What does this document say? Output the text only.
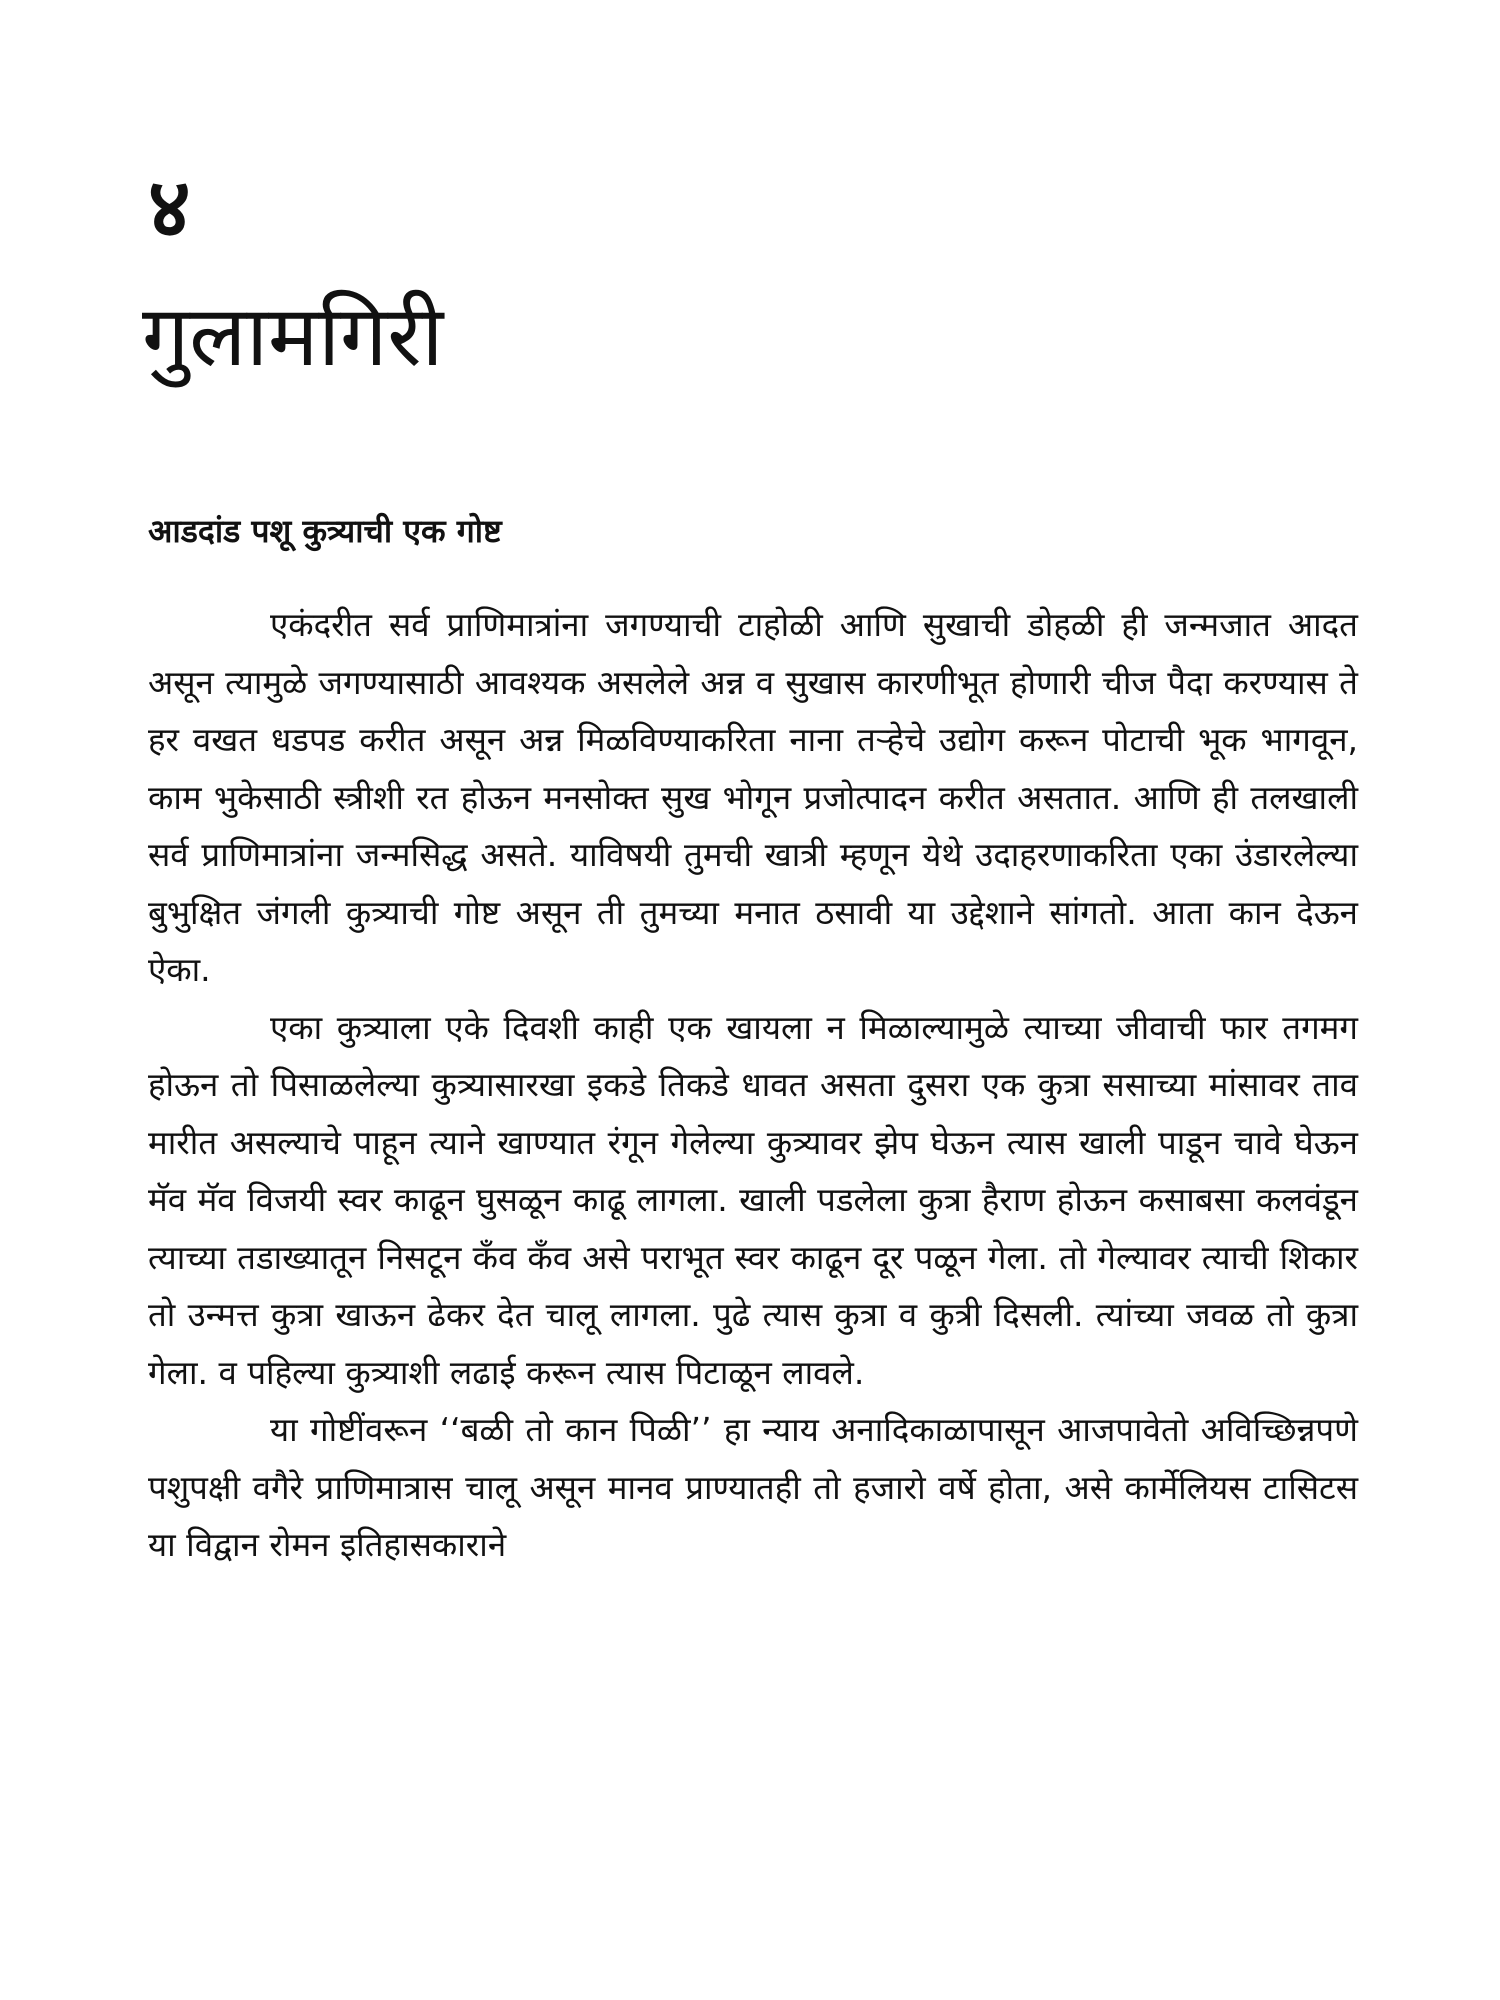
४
गुलामगिरी
आडदांड पशू कुत्र्याची एक गोष्ट

एकंदरीत सर्व प्राणिमात्रांना जगण्याची टाहोळी आणि सुखाची डोहळी ही जन्मजात आदत असून त्यामुळे जगण्यासाठी आवश्यक असलेले अन्न व सुखास कारणीभूत होणारी चीज पैदा करण्यास ते हर वखत धडपड करीत असून अन्न मिळविण्याकरिता नाना तऱ्हेचे उद्योग करून पोटाची भूक भागवून, काम भुकेसाठी स्त्रीशी रत होऊन मनसोक्त सुख भोगून प्रजोत्पादन करीत असतात. आणि ही तलखाली सर्व प्राणिमात्रांना जन्मसिद्ध असते. याविषयी तुमची खात्री म्हणून येथे उदाहरणाकरिता एका उंडारलेल्या बुभुक्षित जंगली कुत्र्याची गोष्ट असून ती तुमच्या मनात ठसावी या उद्देशाने सांगतो. आता कान देऊन ऐका.

एका कुत्र्याला एके दिवशी काही एक खायला न मिळाल्यामुळे त्याच्या जीवाची फार तगमग होऊन तो पिसाळलेल्या कुत्र्यासारखा इकडे तिकडे धावत असता दुसरा एक कुत्रा ससाच्या मांसावर ताव मारीत असल्याचे पाहून त्याने खाण्यात रंगून गेलेल्या कुत्र्यावर झेप घेऊन त्यास खाली पाडून चावे घेऊन मॅव मॅव विजयी स्वर काढून घुसळून काढू लागला. खाली पडलेला कुत्रा हैराण होऊन कसाबसा कलवंडून त्याच्या तडाख्यातून निसटून कॅंव कॅंव असे पराभूत स्वर काढून दूर पळून गेला. तो गेल्यावर त्याची शिकार तो उन्मत्त कुत्रा खाऊन ढेकर देत चालू लागला. पुढे त्यास कुत्रा व कुत्री दिसली. त्यांच्या जवळ तो कुत्रा गेला. व पहिल्या कुत्र्याशी लढाई करून त्यास पिटाळून लावले.

या गोष्टींवरून ‘‘बळी तो कान पिळी’’ हा न्याय अनादिकाळापासून आजपावेतो अविच्छिन्नपणे पशुपक्षी वगैरे प्राणिमात्रास चालू असून मानव प्राण्यातही तो हजारो वर्षे होता, असे कार्मेलियस टासिटस या विद्वान रोमन इतिहासकाराने
